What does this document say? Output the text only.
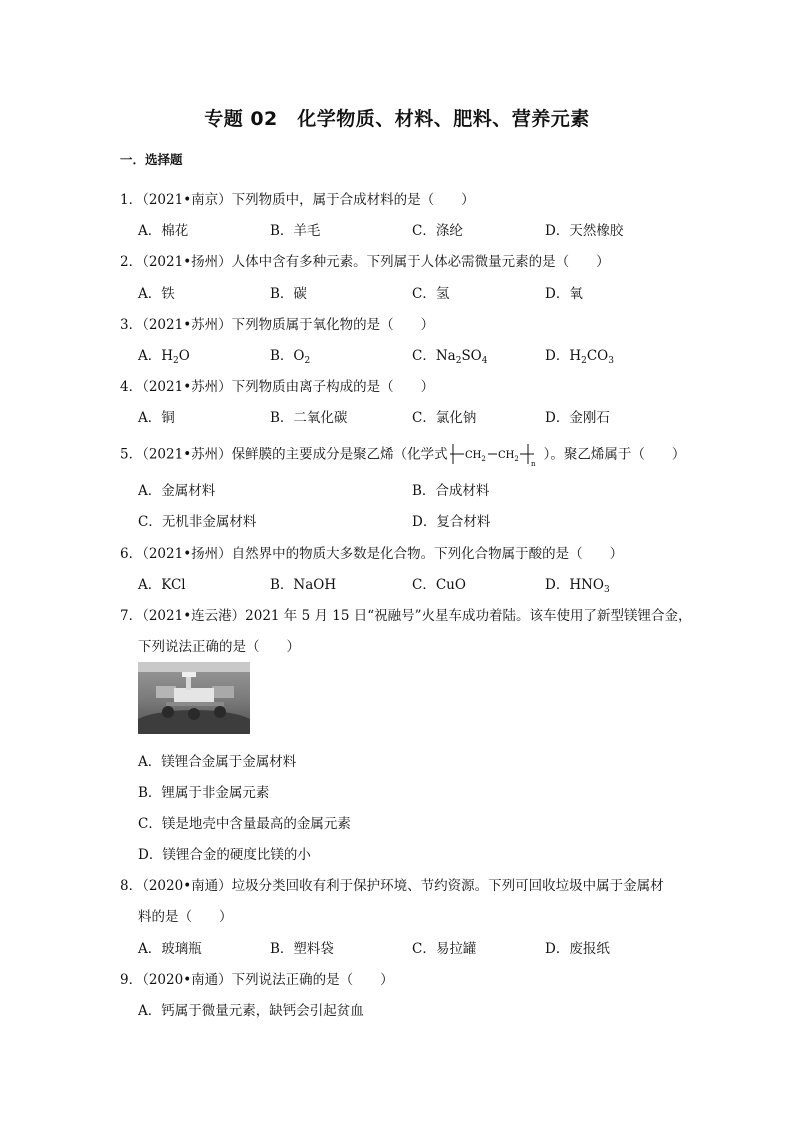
专题 02　化学物质、材料、肥料、营养元素
一．选择题
1．（2021•南京）下列物质中，属于合成材料的是（　　）
A．棉花	B．羊毛	C．涤纶	D．天然橡胶
2．（2021•扬州）人体中含有多种元素。下列属于人体必需微量元素的是（　　）
A．铁	B．碳	C．氢	D．氧
3．（2021•苏州）下列物质属于氧化物的是（　　）
A．$H_2O$	B．$O_2$	C．$Na_2SO_4$	D．$H_2CO_3$
4．（2021•苏州）下列物质由离子构成的是（　　）
A．铜	B．二氧化碳	C．氯化钠	D．金刚石
5．（2021•苏州）保鲜膜的主要成分是聚乙烯（化学式 $CH_2$ $CH_2$
n
）。聚乙烯属于（　　）
A．金属材料	B．合成材料
C．无机非金属材料	D．复合材料
6．（2021•扬州）自然界中的物质大多数是化合物。下列化合物属于酸的是（　　）
A．KCl	B．NaOH	C．CuO	D．$HNO_3$
7．（2021•连云港）2021 年 5 月 15 日“祝融号”火星车成功着陆。该车使用了新型镁锂合金，
下列说法正确的是（　　）
A．镁锂合金属于金属材料
B．锂属于非金属元素
C．镁是地壳中含量最高的金属元素
D．镁锂合金的硬度比镁的小
8．（2020•南通）垃圾分类回收有利于保护环境、节约资源。下列可回收垃圾中属于金属材
料的是（　　）
A．玻璃瓶	B．塑料袋	C．易拉罐	D．废报纸
9．（2020•南通）下列说法正确的是（　　）
A．钙属于微量元素，缺钙会引起贫血
